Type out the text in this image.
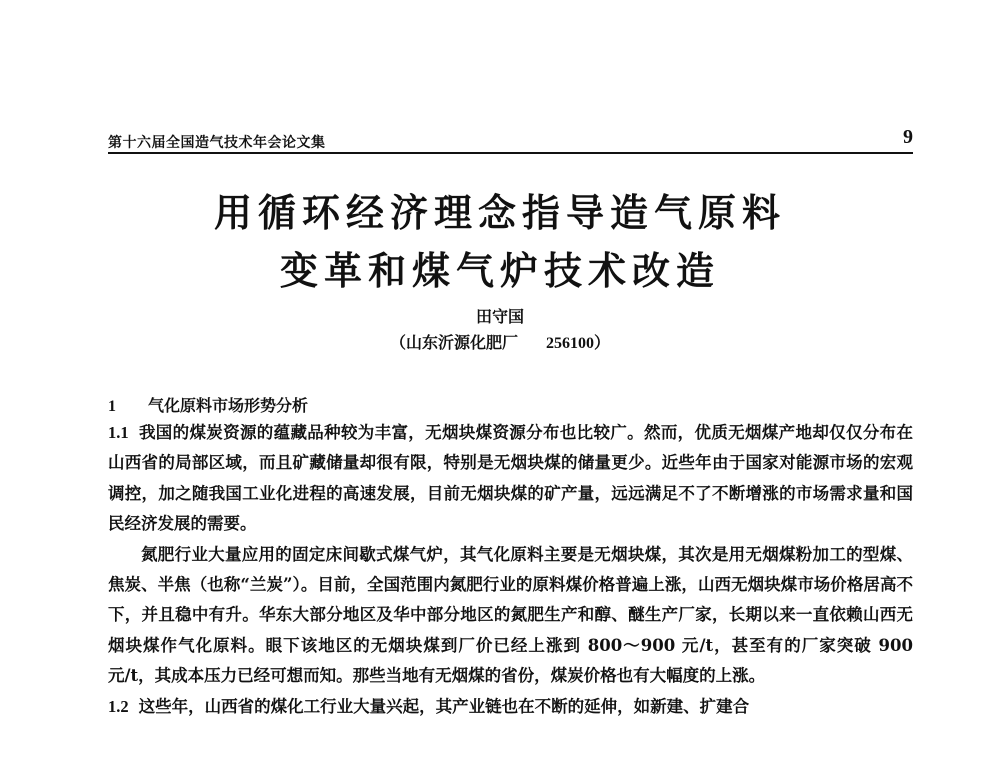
第十六届全国造气技术年会论文集	9
用循环经济理念指导造气原料
变革和煤气炉技术改造
田守国
（山东沂源化肥厂 256100）
1 气化原料市场形势分析

1.1 我国的煤炭资源的蕴藏品种较为丰富，无烟块煤资源分布也比较广。然而，优质无烟煤产地却仅仅分布在山西省的局部区域，而且矿藏储量却很有限，特别是无烟块煤的储量更少。近些年由于国家对能源市场的宏观调控，加之随我国工业化进程的高速发展，目前无烟块煤的矿产量，远远满足不了不断增涨的市场需求量和国民经济发展的需要。

氮肥行业大量应用的固定床间歇式煤气炉，其气化原料主要是无烟块煤，其次是用无烟煤粉加工的型煤、焦炭、半焦（也称“兰炭”）。目前，全国范围内氮肥行业的原料煤价格普遍上涨，山西无烟块煤市场价格居高不下，并且稳中有升。华东大部分地区及华中部分地区的氮肥生产和醇、醚生产厂家，长期以来一直依赖山西无烟块煤作气化原料。眼下该地区的无烟块煤到厂价已经上涨到 800～900 元/t，甚至有的厂家突破 900 元/t，其成本压力已经可想而知。那些当地有无烟煤的省份，煤炭价格也有大幅度的上涨。

1.2 这些年，山西省的煤化工行业大量兴起，其产业链也在不断的延伸，如新建、扩建合
